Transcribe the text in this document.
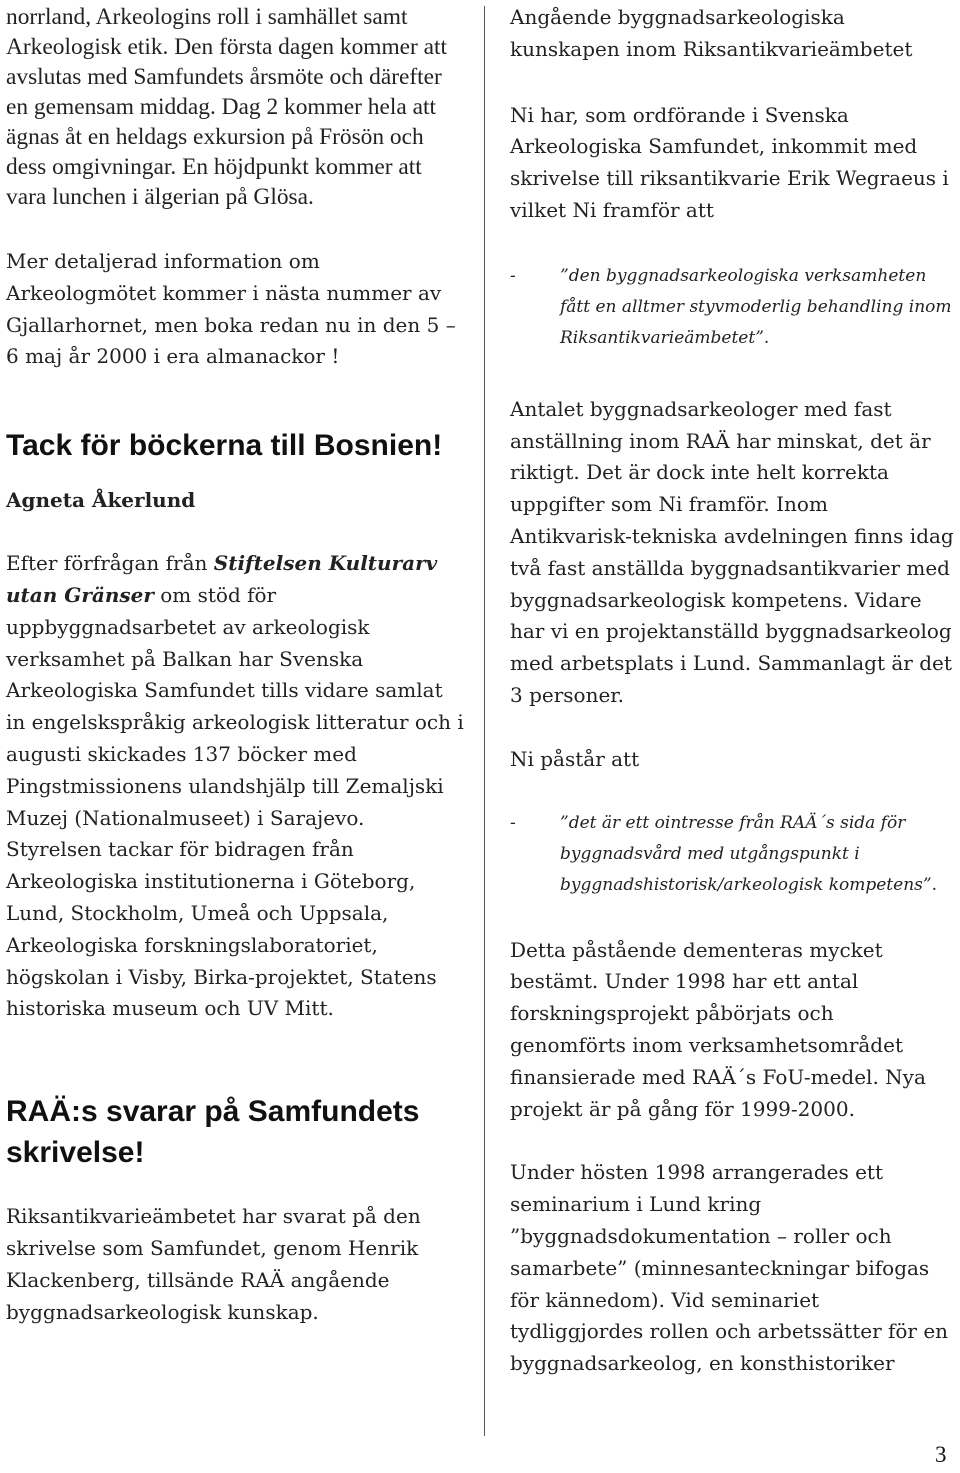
norrland, Arkeologins roll i samhället samt Arkeologisk etik. Den första dagen kommer att avslutas med Samfundets årsmöte och därefter en gemensam middag. Dag 2 kommer hela att ägnas åt en heldags exkursion på Frösön och dess omgivningar. En höjdpunkt kommer att vara lunchen i älgerian på Glösa.

Mer detaljerad information om Arkeologmötet kommer i nästa nummer av Gjallarhornet, men boka redan nu in den 5 – 6 maj år 2000 i era almanackor !

Tack för böckerna till Bosnien!

Agneta Åkerlund

Efter förfrågan från Stiftelsen Kulturarv utan Gränser om stöd för uppbyggnadsarbetet av arkeologisk verksamhet på Balkan har Svenska Arkeologiska Samfundet tills vidare samlat in engelskspråkig arkeologisk litteratur och i augusti skickades 137 böcker med Pingstmissionens ulandshjälp till Zemaljski Muzej (Nationalmuseet) i Sarajevo. Styrelsen tackar för bidragen från Arkeologiska institutionerna i Göteborg, Lund, Stockholm, Umeå och Uppsala, Arkeologiska forskningslaboratoriet, högskolan i Visby, Birka-projektet, Statens historiska museum och UV Mitt.

RAÄ:s svarar på Samfundets skrivelse!

Riksantikvarieämbetet har svarat på den skrivelse som Samfundet, genom Henrik Klackenberg, tillsände RAÄ angående byggnadsarkeologisk kunskap.

Angående byggnadsarkeologiska kunskapen inom Riksantikvarieämbetet

Ni har, som ordförande i Svenska Arkeologiska Samfundet, inkommit med skrivelse till riksantikvarie Erik Wegraeus i vilket Ni framför att

-	”den byggnadsarkeologiska verksamheten fått en alltmer styvmoderlig behandling inom Riksantikvarieämbetet”.

Antalet byggnadsarkeologer med fast anställning inom RAÄ har minskat, det är riktigt. Det är dock inte helt korrekta uppgifter som Ni framför. Inom Antikvarisk-tekniska avdelningen finns idag två fast anställda byggnadsantikvarier med byggnadsarkeologisk kompetens. Vidare har vi en projektanställd byggnadsarkeolog med arbetsplats i Lund. Sammanlagt är det 3 personer.

Ni påstår att

-	”det är ett ointresse från RAÄ´s sida för byggnadsvård med utgångspunkt i byggnadshistorisk/arkeologisk kompetens”.

Detta påstående dementeras mycket bestämt. Under 1998 har ett antal forskningsprojekt påbörjats och genomförts inom verksamhetsområdet finansierade med RAÄ´s FoU-medel. Nya projekt är på gång för 1999-2000.

Under hösten 1998 arrangerades ett seminarium i Lund kring ”byggnadsdokumentation – roller och samarbete” (minnesanteckningar bifogas för kännedom). Vid seminariet tydliggjordes rollen och arbetssätter för en byggnadsarkeolog, en konsthistoriker

3
